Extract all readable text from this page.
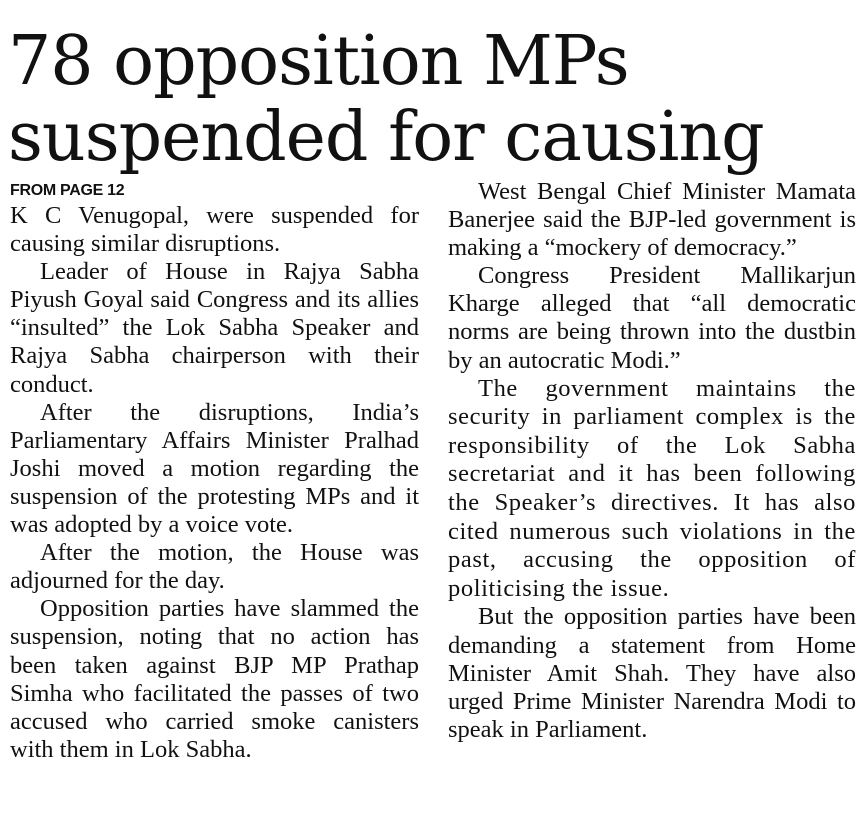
78 opposition MPs
suspended for causing
FROM PAGE 12

K C Venugopal, were suspended for causing similar disruptions.

Leader of House in Rajya Sabha Piyush Goyal said Congress and its allies “insulted” the Lok Sabha Speaker and Rajya Sabha chairperson with their conduct.

After the disruptions, India’s Parliamentary Affairs Minister Pralhad Joshi moved a motion regarding the suspension of the protesting MPs and it was adopted by a voice vote.

After the motion, the House was adjourned for the day.

Opposition parties have slammed the suspension, noting that no action has been taken against BJP MP Prathap Simha who facilitated the passes of two accused who carried smoke canisters with them in Lok Sabha.

West Bengal Chief Minister Mamata Banerjee said the BJP-led government is making a “mockery of democracy.”

Congress President Mallikarjun Kharge alleged that “all democratic norms are being thrown into the dustbin by an autocratic Modi.”

The government maintains the security in parliament complex is the responsibility of the Lok Sabha secretariat and it has been following the Speaker’s directives. It has also cited numerous such violations in the past, accusing the opposition of politicising the issue.

But the opposition parties have been demanding a statement from Home Minister Amit Shah. They have also urged Prime Minister Narendra Modi to speak in Parliament.
